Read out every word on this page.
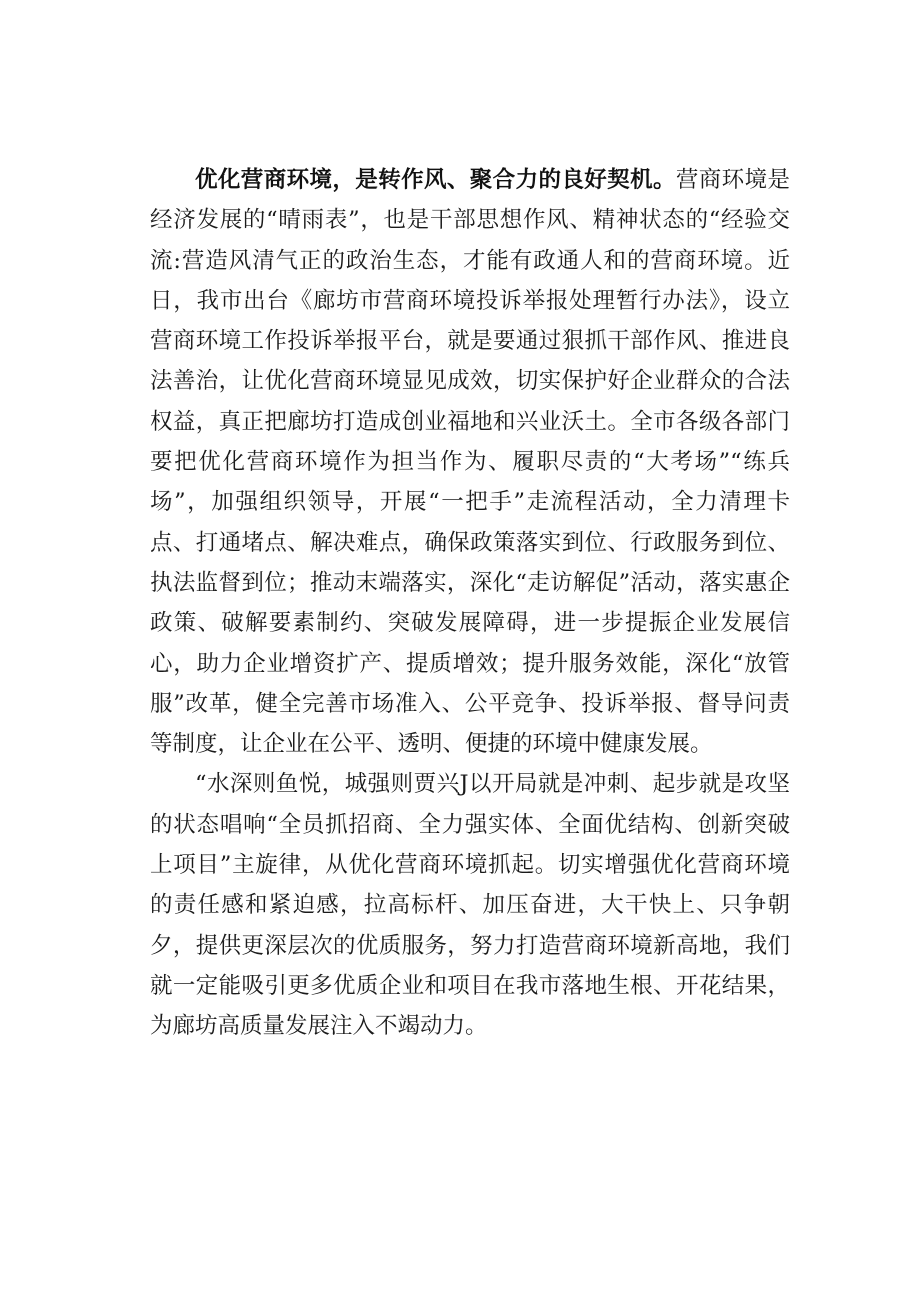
优化营商环境，是转作风、聚合力的良好契机。营商环境是经济发展的“晴雨表”，也是干部思想作风、精神状态的“经验交流:营造风清气正的政治生态，才能有政通人和的营商环境。近日，我市出台《廊坊市营商环境投诉举报处理暂行办法》，设立营商环境工作投诉举报平台，就是要通过狠抓干部作风、推进良法善治，让优化营商环境显见成效，切实保护好企业群众的合法权益，真正把廊坊打造成创业福地和兴业沃土。全市各级各部门要把优化营商环境作为担当作为、履职尽责的“大考场”“练兵场”，加强组织领导，开展“一把手”走流程活动，全力清理卡点、打通堵点、解决难点，确保政策落实到位、行政服务到位、执法监督到位；推动末端落实，深化“走访解促”活动，落实惠企政策、破解要素制约、突破发展障碍，进一步提振企业发展信心，助力企业增资扩产、提质增效；提升服务效能，深化“放管服”改革，健全完善市场准入、公平竞争、投诉举报、督导问责等制度，让企业在公平、透明、便捷的环境中健康发展。

“水深则鱼悦，城强则贾兴J以开局就是冲刺、起步就是攻坚的状态唱响“全员抓招商、全力强实体、全面优结构、创新突破上项目”主旋律，从优化营商环境抓起。切实增强优化营商环境的责任感和紧迫感，拉高标杆、加压奋进，大干快上、只争朝夕，提供更深层次的优质服务，努力打造营商环境新高地，我们就一定能吸引更多优质企业和项目在我市落地生根、开花结果，为廊坊高质量发展注入不竭动力。
